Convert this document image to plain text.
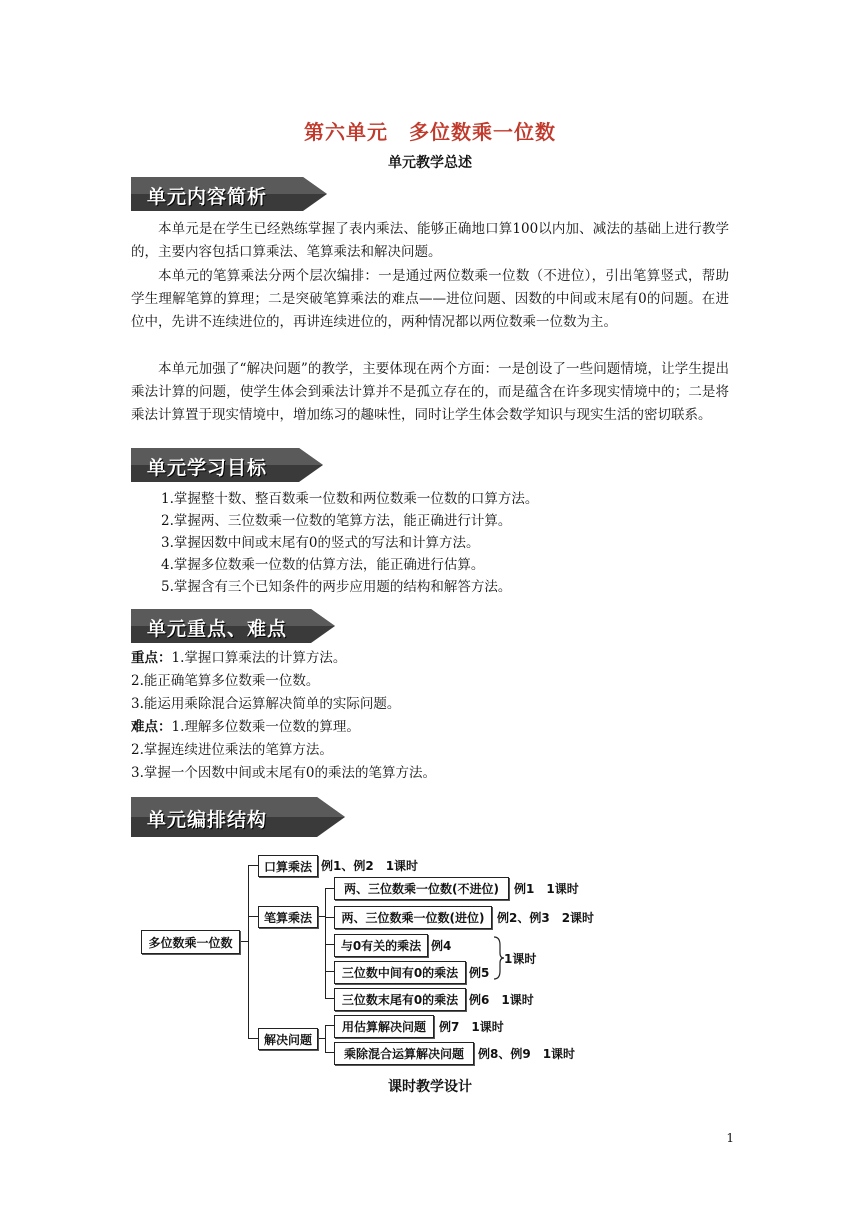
第六单元　多位数乘一位数
单元教学总述
单元内容简析
本单元是在学生已经熟练掌握了表内乘法、能够正确地口算100以内加、减法的基础上进行教学的，主要内容包括口算乘法、笔算乘法和解决问题。
本单元的笔算乘法分两个层次编排：一是通过两位数乘一位数（不进位），引出笔算竖式，帮助学生理解笔算的算理；二是突破笔算乘法的难点——进位问题、因数的中间或末尾有0的问题。在进位中，先讲不连续进位的，再讲连续进位的，两种情况都以两位数乘一位数为主。
本单元加强了“解决问题”的教学，主要体现在两个方面：一是创设了一些问题情境，让学生提出乘法计算的问题，使学生体会到乘法计算并不是孤立存在的，而是蕴含在许多现实情境中的；二是将乘法计算置于现实情境中，增加练习的趣味性，同时让学生体会数学知识与现实生活的密切联系。
单元学习目标
1.掌握整十数、整百数乘一位数和两位数乘一位数的口算方法。
2.掌握两、三位数乘一位数的笔算方法，能正确进行计算。
3.掌握因数中间或末尾有0的竖式的写法和计算方法。
4.掌握多位数乘一位数的估算方法，能正确进行估算。
5.掌握含有三个已知条件的两步应用题的结构和解答方法。
单元重点、难点
重点：1.掌握口算乘法的计算方法。
2.能正确笔算多位数乘一位数。
3.能运用乘除混合运算解决简单的实际问题。
难点：1.理解多位数乘一位数的算理。
2.掌握连续进位乘法的笔算方法。
3.掌握一个因数中间或末尾有0的乘法的笔算方法。
单元编排结构
多位数乘一位数
口算乘法 例1、例2　1课时
笔算乘法
两、三位数乘一位数(不进位)	例1　1课时
两、三位数乘一位数(进位)	例2、例3　2课时
与0有关的乘法 例4
三位数中间有0的乘法 例5
1课时
三位数末尾有0的乘法 例6　1课时
解决问题
用估算解决问题	例7　1课时
乘除混合运算解决问题	例8、例9　1课时
课时教学设计
1
